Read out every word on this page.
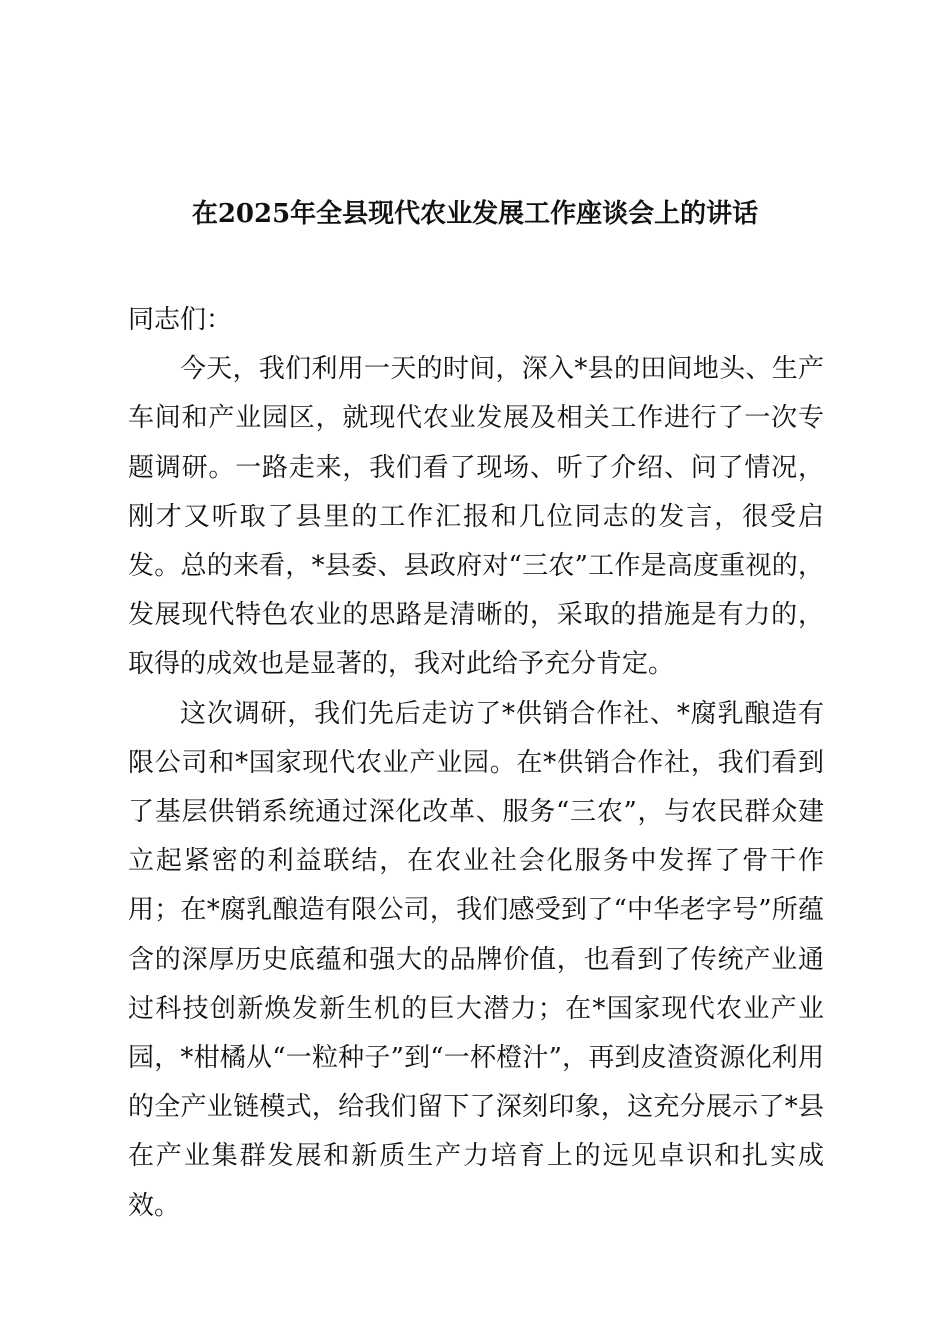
在2025年全县现代农业发展工作座谈会上的讲话

同志们：

今天，我们利用一天的时间，深入*县的田间地头、生产车间和产业园区，就现代农业发展及相关工作进行了一次专题调研。一路走来，我们看了现场、听了介绍、问了情况，刚才又听取了县里的工作汇报和几位同志的发言，很受启发。总的来看，*县委、县政府对“三农”工作是高度重视的，发展现代特色农业的思路是清晰的，采取的措施是有力的，取得的成效也是显著的，我对此给予充分肯定。

这次调研，我们先后走访了*供销合作社、*腐乳酿造有限公司和*国家现代农业产业园。在*供销合作社，我们看到了基层供销系统通过深化改革、服务“三农”，与农民群众建立起紧密的利益联结，在农业社会化服务中发挥了骨干作用；在*腐乳酿造有限公司，我们感受到了“中华老字号”所蕴含的深厚历史底蕴和强大的品牌价值，也看到了传统产业通过科技创新焕发新生机的巨大潜力；在*国家现代农业产业园，*柑橘从“一粒种子”到“一杯橙汁”，再到皮渣资源化利用的全产业链模式，给我们留下了深刻印象，这充分展示了*县在产业集群发展和新质生产力培育上的远见卓识和扎实成效。
